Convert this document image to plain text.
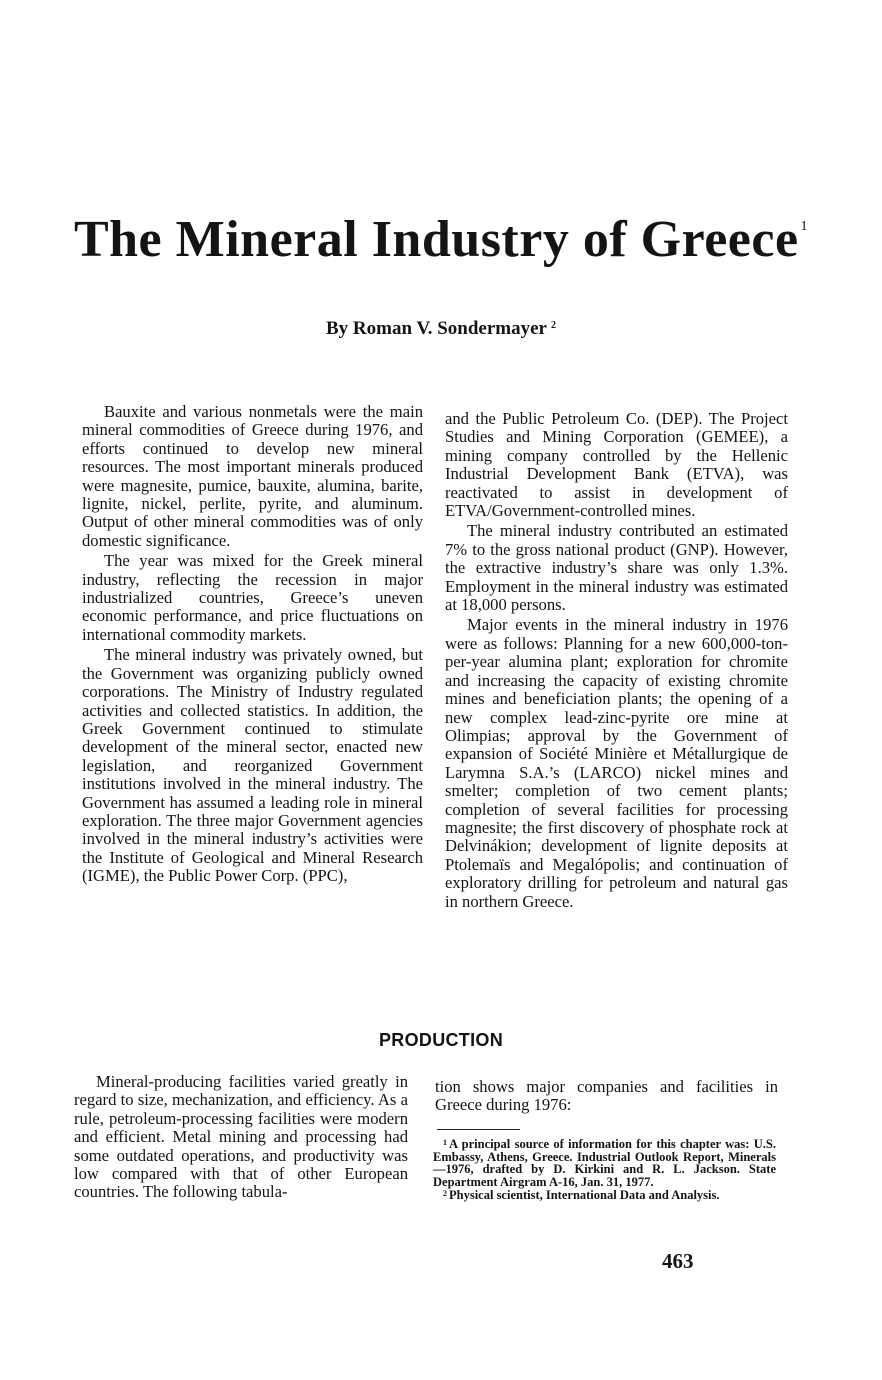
The Mineral Industry of Greece $^1$

By Roman V. Sondermayer $^2$

Bauxite and various nonmetals were the main mineral commodities of Greece during 1976, and efforts continued to develop new mineral resources. The most important minerals produced were magnesite, pumice, bauxite, alumina, barite, lignite, nickel, perlite, pyrite, and aluminum. Output of other mineral commodities was of only domestic significance.

The year was mixed for the Greek mineral industry, reflecting the recession in major industrialized countries, Greece’s uneven economic performance, and price fluctuations on international commodity markets.

The mineral industry was privately owned, but the Government was organizing publicly owned corporations. The Ministry of Industry regulated activities and collected statistics. In addition, the Greek Government continued to stimulate development of the mineral sector, enacted new legislation, and reorganized Government institutions involved in the mineral industry. The Government has assumed a leading role in mineral exploration. The three major Government agencies involved in the mineral industry’s activities were the Institute of Geological and Mineral Research (IGME), the Public Power Corp. (PPC),

and the Public Petroleum Co. (DEP). The Project Studies and Mining Corporation (GEMEE), a mining company controlled by the Hellenic Industrial Development Bank (ETVA), was reactivated to assist in development of ETVA/Government-controlled mines.

The mineral industry contributed an estimated 7% to the gross national product (GNP). However, the extractive industry’s share was only 1.3%. Employment in the mineral industry was estimated at 18,000 persons.

Major events in the mineral industry in 1976 were as follows: Planning for a new 600,000-ton-per-year alumina plant; exploration for chromite and increasing the capacity of existing chromite mines and beneficiation plants; the opening of a new complex lead-zinc-pyrite ore mine at Olimpias; approval by the Government of expansion of Société Minière et Métallurgique de Larymna S.A.’s (LARCO) nickel mines and smelter; completion of two cement plants; completion of several facilities for processing magnesite; the first discovery of phosphate rock at Delvinákion; development of lignite deposits at Ptolemaïs and Megalópolis; and continuation of exploratory drilling for petroleum and natural gas in northern Greece.

PRODUCTION

Mineral-producing facilities varied greatly in regard to size, mechanization, and efficiency. As a rule, petroleum-processing facilities were modern and efficient. Metal mining and processing had some outdated operations, and productivity was low compared with that of other European countries. The following tabula-

tion shows major companies and facilities in Greece during 1976:

$^1$ A principal source of information for this chapter was: U.S. Embassy, Athens, Greece. Industrial Outlook Report, Minerals—1976, drafted by D. Kirkini and R. L. Jackson. State Department Airgram A-16, Jan. 31, 1977.

$^2$ Physical scientist, International Data and Analysis.

463
